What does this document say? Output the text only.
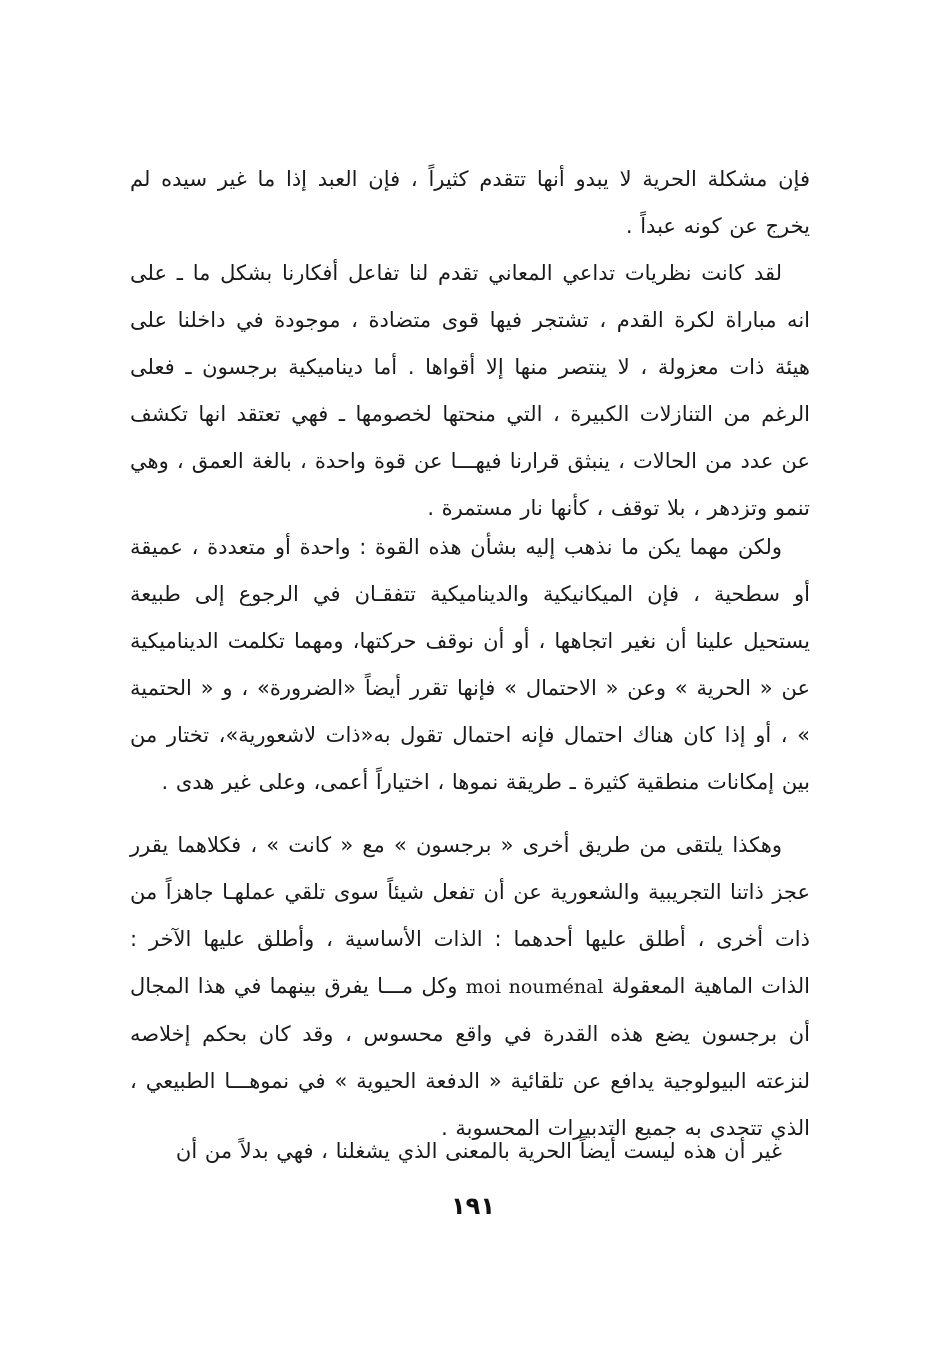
فإن مشكلة الحرية لا يبدو أنها تتقدم كثيراً ، فإن العبد إذا ما غير سيده لم يخرج عن كونه عبداً .

لقد كانت نظريات تداعي المعاني تقدم لنا تفاعل أفكارنا بشكل ما ـ على انه مباراة لكرة القدم ، تشتجر فيها قوى متضادة ، موجودة في داخلنا على هيئة ذات معزولة ، لا ينتصر منها إلا أقواها . أما ديناميكية برجسون ـ فعلى الرغم من التنازلات الكبيرة ، التي منحتها لخصومها ـ فهي تعتقد انها تكشف عن عدد من الحالات ، ينبثق قرارنا فيهـــا عن قوة واحدة ، بالغة العمق ، وهي تنمو وتزدهر ، بلا توقف ، كأنها نار مستمرة .

ولكن مهما يكن ما نذهب إليه بشأن هذه القوة : واحدة أو متعددة ، عميقة أو سطحية ، فإن الميكانيكية والديناميكية تتفقـان في الرجوع إلى طبيعة يستحيل علينا أن نغير اتجاهها ، أو أن نوقف حركتها، ومهما تكلمت الديناميكية عن « الحرية » وعن « الاحتمال » فإنها تقرر أيضاً «الضرورة» ، و « الحتمية » ، أو إذا كان هناك احتمال فإنه احتمال تقول به«ذات لاشعورية»، تختار من بين إمكانات منطقية كثيرة ـ طريقة نموها ، اختياراً أعمى، وعلى غير هدى .

وهكذا يلتقى من طريق أخرى « برجسون » مع « كانت » ، فكلاهما يقرر عجز ذاتنا التجريبية والشعورية عن أن تفعل شيئاً سوى تلقي عملهـا جاهزاً من ذات أخرى ، أطلق عليها أحدهما : الذات الأساسية ، وأطلق عليها الآخر : الذات الماهية المعقولة moi nouménal وكل مـــا يفرق بينهما في هذا المجال أن برجسون يضع هذه القدرة في واقع محسوس ، وقد كان بحكم إخلاصه لنزعته البيولوجية يدافع عن تلقائية « الدفعة الحيوية » في نموهـــا الطبيعي ، الذي تتحدى به جميع التدبيرات المحسوبة .

غير أن هذه ليست أيضاً الحرية بالمعنى الذي يشغلنا ، فهي بدلاً من أن

١٩١
